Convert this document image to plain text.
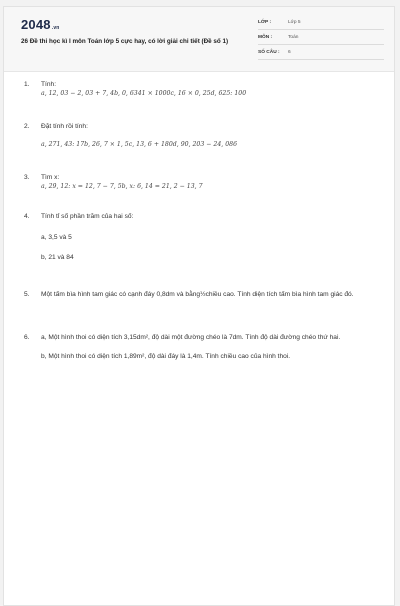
2048.vn
26 Đề thi học kì I môn Toán lớp 5 cực hay, có lời giải chi tiết (Đề số 1)
LỚP :	Lớp 5
MÔN :	Toán
SỐ CÂU :	6
1.	Tính:
a, 12, 03 − 2, 03 + 7, 4b, 0, 6341 × 1000c, 16 × 0, 25d, 625: 100
2.	Đặt tính rồi tính:
a, 271, 43: 17b, 26, 7 × 1, 5c, 13, 6 + 180d, 90, 203 − 24, 086
3.	Tìm x:
a, 29, 12: x = 12, 7 − 7, 5b, x: 6, 14 = 21, 2 − 13, 7
4.	Tính tỉ số phần trăm của hai số:
a, 3,5 và 5
b, 21 và 84
5.	Một tấm bìa hình tam giác có cạnh đáy 0,8dm và bằng½chiều cao. Tính diện tích tấm bìa hình tam giác đó.
6.	a, Một hình thoi có diện tích 3,15dm², độ dài một đường chéo là 7dm. Tính độ dài đường chéo thứ hai.
b, Một hình thoi có diện tích 1,89m², độ dài đáy là 1,4m. Tính chiều cao của hình thoi.
